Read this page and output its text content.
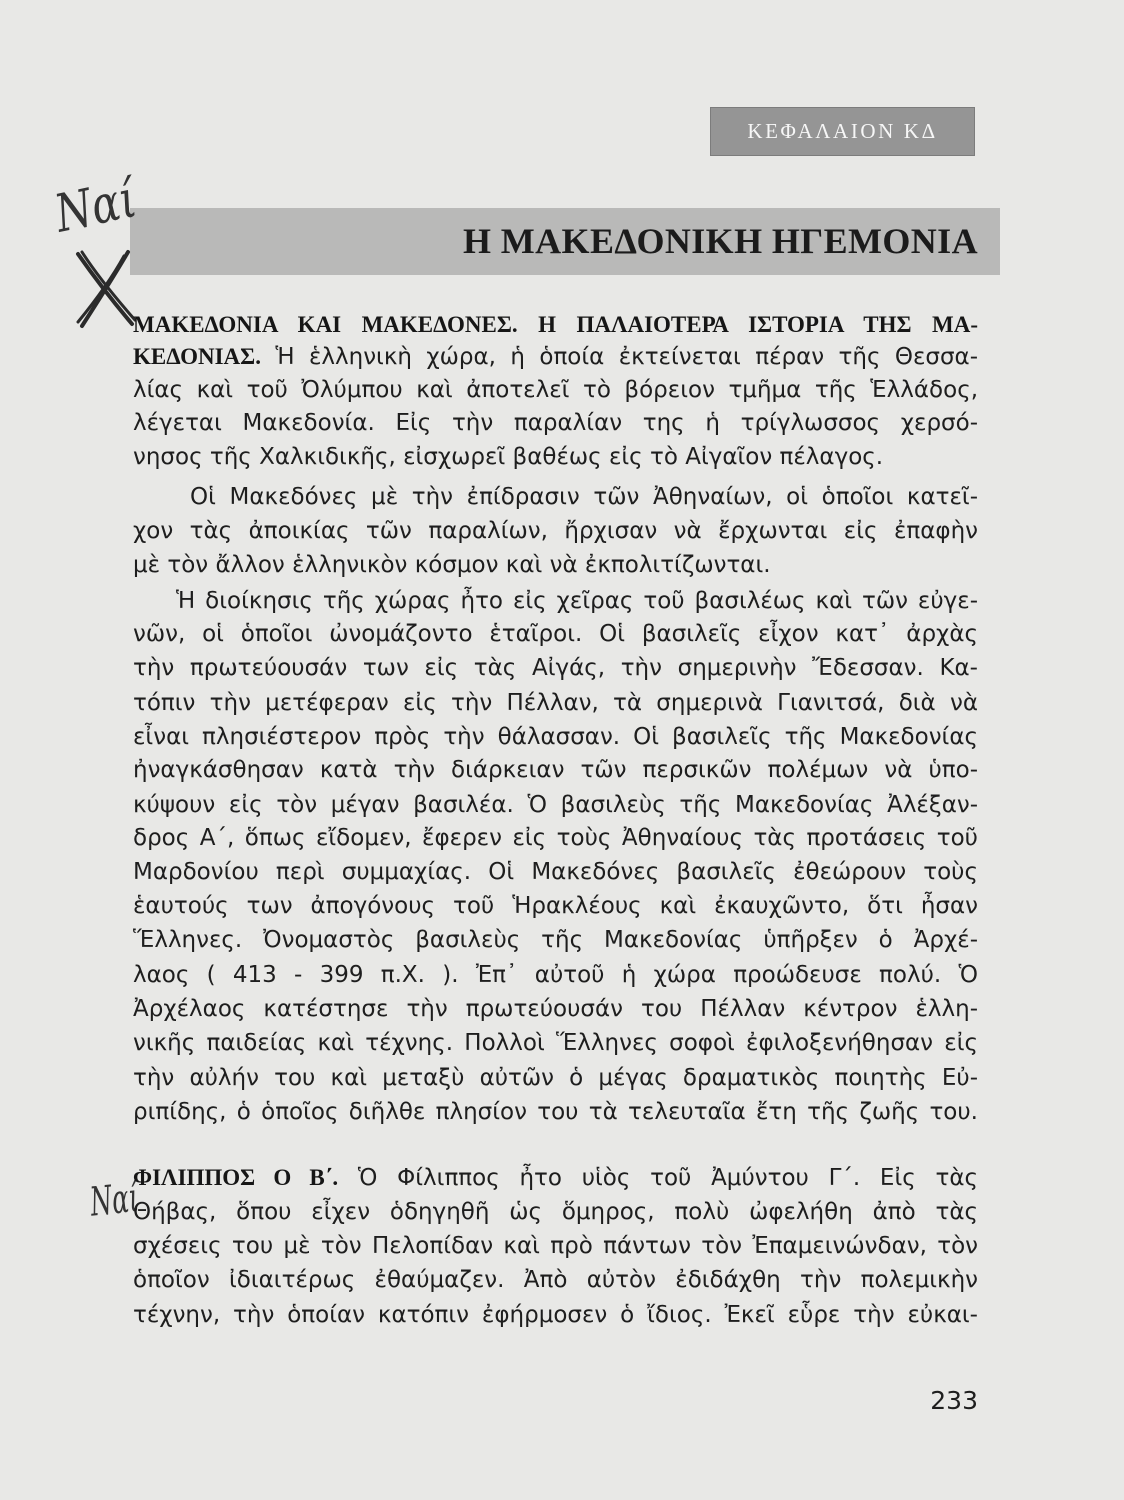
ΚΕΦΑΛΑΙΟΝ ΚΔ
Η ΜΑΚΕΔΟΝΙΚΗ ΗΓΕΜΟΝΙΑ
Ναί
Ναί
ΜΑΚΕΔΟΝΙΑ ΚΑΙ ΜΑΚΕΔΟΝΕΣ. Η ΠΑΛΑΙΟΤΕΡΑ ΙΣΤΟΡΙΑ ΤΗΣ ΜΑ-
ΚΕΔΟΝΙΑΣ. Ἡ ἑλληνικὴ χώρα, ἡ ὁποία ἐκτείνεται πέραν τῆς Θεσσα-
λίας καὶ τοῦ Ὀλύμπου καὶ ἀποτελεῖ τὸ βόρειον τμῆμα τῆς Ἑλλάδος,
λέγεται Μακεδονία. Εἰς τὴν παραλίαν της ἡ τρίγλωσσος χερσό-
νησος τῆς Χαλκιδικῆς, εἰσχωρεῖ βαθέως εἰς τὸ Αἰγαῖον πέλαγος.
Οἱ Μακεδόνες μὲ τὴν ἐπίδρασιν τῶν Ἀθηναίων, οἱ ὁποῖοι κατεῖ-
χον τὰς ἀποικίας τῶν παραλίων, ἤρχισαν νὰ ἔρχωνται εἰς ἐπαφὴν
μὲ τὸν ἄλλον ἑλληνικὸν κόσμον καὶ νὰ ἐκπολιτίζωνται.
Ἡ διοίκησις τῆς χώρας ἦτο εἰς χεῖρας τοῦ βασιλέως καὶ τῶν εὐγε-
νῶν, οἱ ὁποῖοι ὠνομάζοντο ἑταῖροι. Οἱ βασιλεῖς εἶχον κατ᾿ ἀρχὰς
τὴν πρωτεύουσάν των εἰς τὰς Αἰγάς, τὴν σημερινὴν Ἔδεσσαν. Κα-
τόπιν τὴν μετέφεραν εἰς τὴν Πέλλαν, τὰ σημερινὰ Γιανιτσά, διὰ νὰ
εἶναι πλησιέστερον πρὸς τὴν θάλασσαν. Οἱ βασιλεῖς τῆς Μακεδονίας
ἠναγκάσθησαν κατὰ τὴν διάρκειαν τῶν περσικῶν πολέμων νὰ ὑπο-
κύψουν εἰς τὸν μέγαν βασιλέα. Ὁ βασιλεὺς τῆς Μακεδονίας Ἀλέξαν-
δρος Α΄, ὅπως εἴδομεν, ἔφερεν εἰς τοὺς Ἀθηναίους τὰς προτάσεις τοῦ
Μαρδονίου περὶ συμμαχίας. Οἱ Μακεδόνες βασιλεῖς ἐθεώρουν τοὺς
ἑαυτούς των ἀπογόνους τοῦ Ἡρακλέους καὶ ἐκαυχῶντο, ὅτι ἦσαν
Ἕλληνες. Ὀνομαστὸς βασιλεὺς τῆς Μακεδονίας ὑπῆρξεν ὁ Ἀρχέ-
λαος ( 413 - 399 π.Χ. ). Ἐπ᾿ αὐτοῦ ἡ χώρα προώδευσε πολύ. Ὁ
Ἀρχέλαος κατέστησε τὴν πρωτεύουσάν του Πέλλαν κέντρον ἑλλη-
νικῆς παιδείας καὶ τέχνης. Πολλοὶ Ἕλληνες σοφοὶ ἐφιλοξενήθησαν εἰς
τὴν αὐλήν του καὶ μεταξὺ αὐτῶν ὁ μέγας δραματικὸς ποιητὴς Εὐ-
ριπίδης, ὁ ὁποῖος διῆλθε πλησίον του τὰ τελευταῖα ἔτη τῆς ζωῆς του.
ΦΙΛΙΠΠΟΣ Ο Β΄. Ὁ Φίλιππος ἦτο υἱὸς τοῦ Ἀμύντου Γ΄. Εἰς τὰς
Θήβας, ὅπου εἶχεν ὁδηγηθῆ ὡς ὅμηρος, πολὺ ὠφελήθη ἀπὸ τὰς
σχέσεις του μὲ τὸν Πελοπίδαν καὶ πρὸ πάντων τὸν Ἐπαμεινώνδαν, τὸν
ὁποῖον ἰδιαιτέρως ἐθαύμαζεν. Ἀπὸ αὐτὸν ἐδιδάχθη τὴν πολεμικὴν
τέχνην, τὴν ὁποίαν κατόπιν ἐφήρμοσεν ὁ ἴδιος. Ἐκεῖ εὗρε τὴν εὐκαι-
233
